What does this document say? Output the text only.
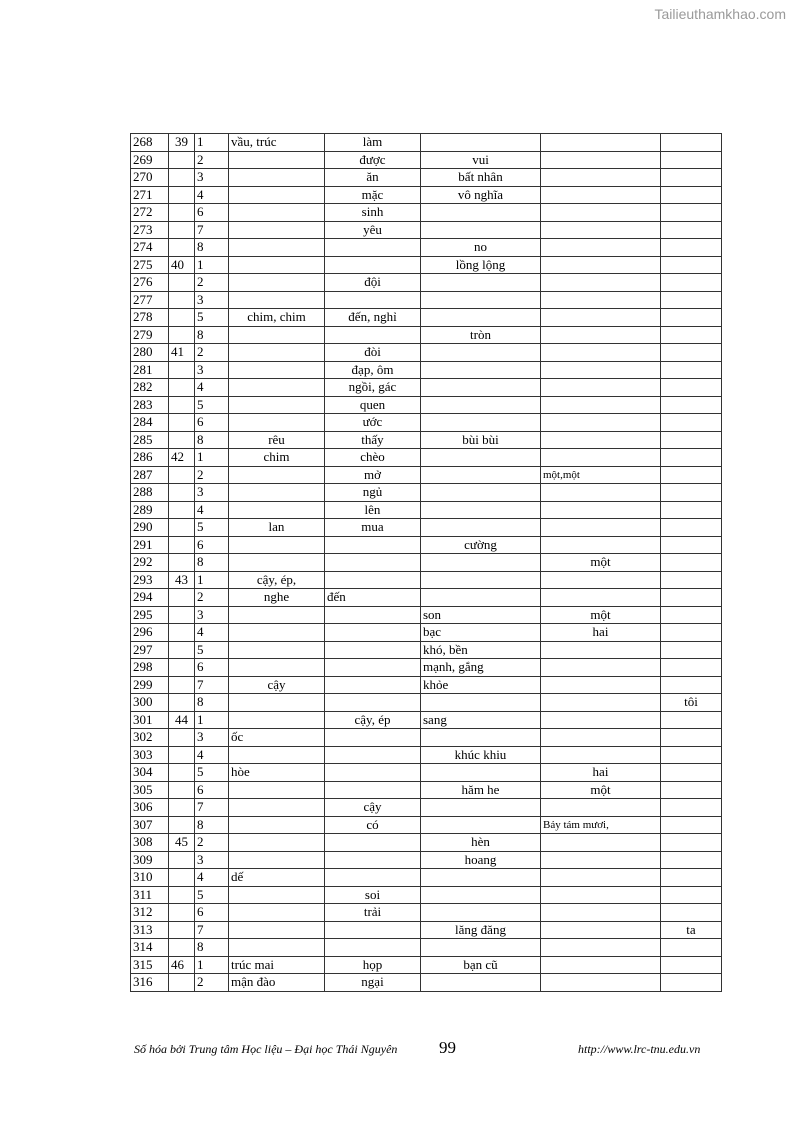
Tailieuthamkhao.com
268	39	1	vầu, trúc	làm			
269		2		được	vui		
270		3		ăn	bất nhân		
271		4		mặc	vô nghĩa		
272		6		sinh			
273		7		yêu			
274		8			no		
275	40	1			lồng lộng		
276		2		đội			
277		3					
278		5	chim, chim	đến, nghỉ			
279		8			tròn		
280	41	2		đòi			
281		3		đạp, ôm			
282		4		ngồi, gác			
283		5		quen			
284		6		ước			
285		8	rêu	thấy	bùi bùi		
286	42	1	chim	chèo			
287		2		mở		một,một	
288		3		ngủ			
289		4		lên			
290		5	lan	mua			
291		6			cường		
292		8				một	
293	43	1	cậy, ép,				
294		2	nghe	đến			
295		3			son	một	
296		4			bạc	hai	
297		5			khó, bền		
298		6			mạnh, gắng		
299		7	cậy		khỏe		
300		8					tôi
301	44	1		cậy, ép	sang		
302		3	ốc				
303		4			khúc khiu		
304		5	hòe			hai	
305		6			hăm he	một	
306		7		cậy			
307		8		có		Bảy tám mươi,	
308	45	2			hèn		
309		3			hoang		
310		4	dế				
311		5		soi			
312		6		trải			
313		7			lăng đăng		ta
314		8					
315	46	1	trúc mai	họp	bạn cũ		
316		2	mận đào	ngại			
Số hóa bởi Trung tâm Học liệu – Đại học Thái Nguyên 99	http://www.lrc-tnu.edu.vn
